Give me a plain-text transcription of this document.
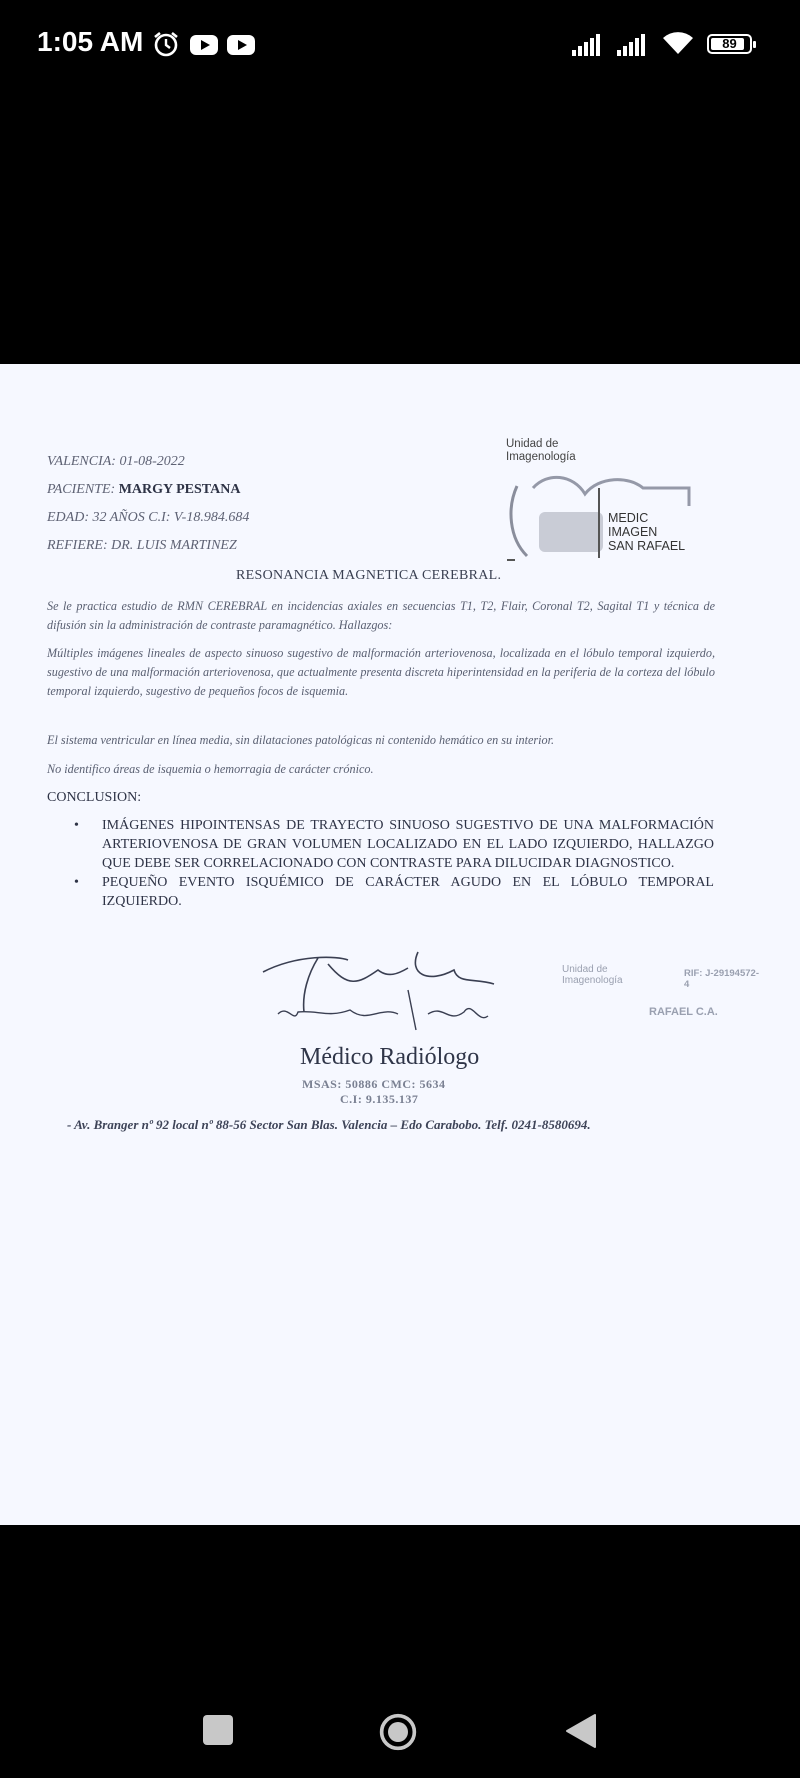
1:05 AM	89
VALENCIA: 01-08-2022
PACIENTE: MARGY PESTANA
EDAD: 32 AÑOS C.I: V-18.984.684
REFIERE: DR. LUIS MARTINEZ
Unidad de Imagenología
MEDIC
IMAGEN
SAN RAFAEL
RESONANCIA MAGNETICA CEREBRAL.
Se le practica estudio de RMN CEREBRAL en incidencias axiales en secuencias T1, T2, Flair, Coronal T2, Sagital T1 y técnica de difusión sin la administración de contraste paramagnético. Hallazgos:
Múltiples imágenes lineales de aspecto sinuoso sugestivo de malformación arteriovenosa, localizada en el lóbulo temporal izquierdo, sugestivo de una malformación arteriovenosa, que actualmente presenta discreta hiperintensidad en la periferia de la corteza del lóbulo temporal izquierdo, sugestivo de pequeños focos de isquemia.
El sistema ventricular en línea media, sin dilataciones patológicas ni contenido hemático en su interior.
No identifico áreas de isquemia o hemorragia de carácter crónico.
CONCLUSION:
• IMÁGENES HIPOINTENSAS DE TRAYECTO SINUOSO SUGESTIVO DE UNA MALFORMACIÓN ARTERIOVENOSA DE GRAN VOLUMEN LOCALIZADO EN EL LADO IZQUIERDO, HALLAZGO QUE DEBE SER CORRELACIONADO CON CONTRASTE PARA DILUCIDAR DIAGNOSTICO.
• PEQUEÑO EVENTO ISQUÉMICO DE CARÁCTER AGUDO EN EL LÓBULO TEMPORAL IZQUIERDO.
Médico Radiólogo
MSAS: 50886 CMC: 5634
C.I: 9.135.137
Unidad de Imagenología
RIF: J-29194572-4
RAFAEL C.A.
- Av. Branger nº 92 local nº 88-56 Sector San Blas. Valencia – Edo Carabobo. Telf. 0241-8580694.
